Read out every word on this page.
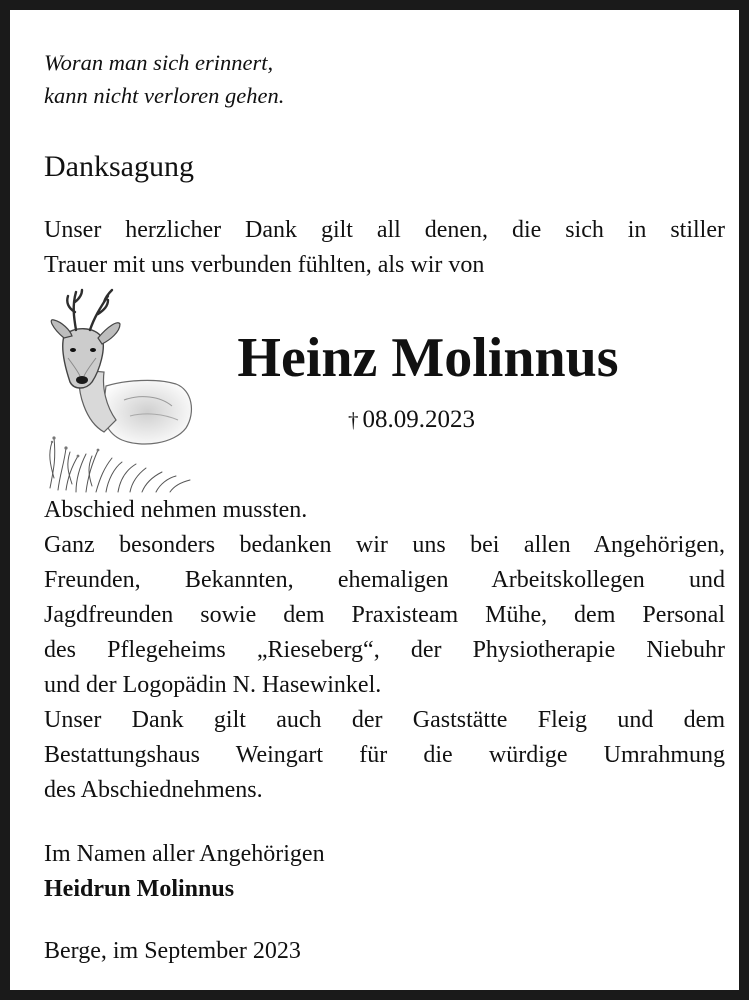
Woran man sich erinnert,
kann nicht verloren gehen.
Danksagung
Unser herzlicher Dank gilt all denen, die sich in stiller
Trauer mit uns verbunden fühlten, als wir von
Heinz Molinnus
† 08.09.2023
Abschied nehmen mussten.
Ganz besonders bedanken wir uns bei allen Angehörigen,
Freunden, Bekannten, ehemaligen Arbeitskollegen und
Jagdfreunden sowie dem Praxisteam Mühe, dem Personal
des Pflegeheims „Rieseberg“, der Physiotherapie Niebuhr
und der Logopädin N. Hasewinkel.
Unser Dank gilt auch der Gaststätte Fleig und dem
Bestattungshaus Weingart für die würdige Umrahmung
des Abschiednehmens.
Im Namen aller Angehörigen
Heidrun Molinnus
Berge, im September 2023
